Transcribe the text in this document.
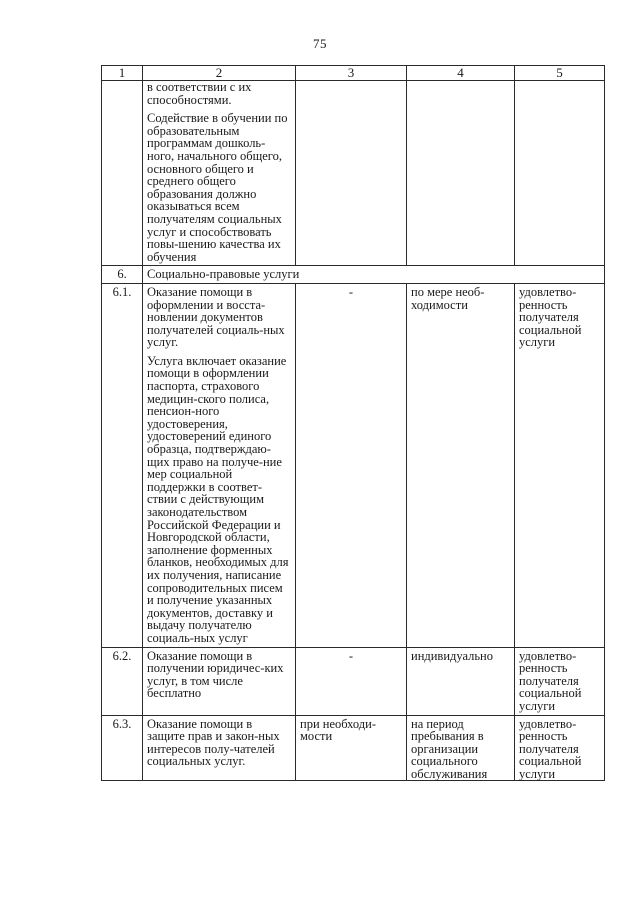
75
1	2	3	4	5

	в соответствии с их способностями.

Содействие в обучении по образовательным программам дошколь-ного, начального общего, основного общего и среднего общего образования должно оказываться всем получателям социальных услуг и способствовать повы-шению качества их обучения			

6.	Социально-правовые услуги			
6.1.	Оказание помощи в оформлении и восста-новлении документов получателей социаль-ных услуг.

Услуга включает оказание помощи в оформлении паспорта, страхового медицин-ского полиса, пенсион-ного удостоверения, удостоверений единого образца, подтверждаю-щих право на получе-ние мер социальной поддержки в соответ-ствии с действующим законодательством Российской Федерации и Новгородской области, заполнение форменных бланков, необходимых для их получения, написание сопроводительных писем и получение указанных документов, доставку и выдачу получателю социаль-ных услуг	-	по мере необ-ходимости	удовлетво-ренность получателя социальной услуги
6.2.	Оказание помощи в получении юридичес-ких услуг, в том числе бесплатно	-	индивидуально	удовлетво-ренность получателя социальной услуги
6.3.	Оказание помощи в защите прав и закон-ных интересов полу-чателей социальных услуг.	при необходи-мости	на период пребывания в организации социального обслуживания	удовлетво-ренность получателя социальной услуги
